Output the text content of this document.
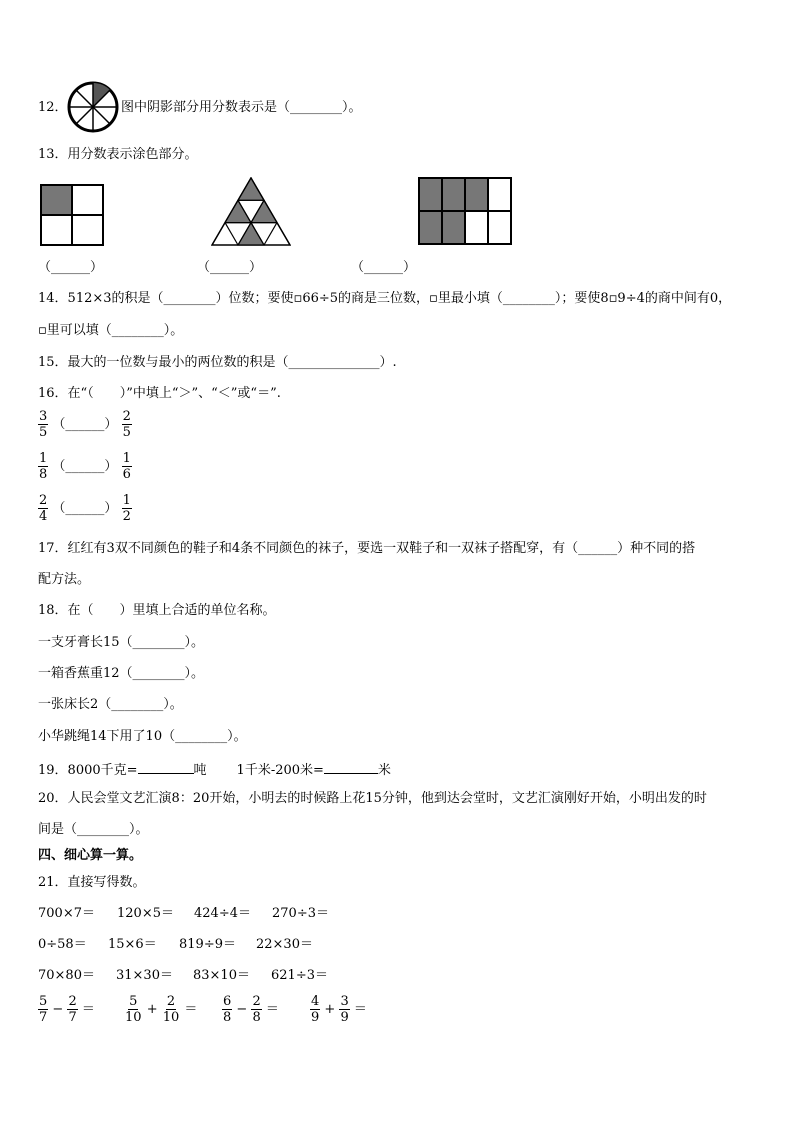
12．	图中阴影部分用分数表示是（________）。
13．用分数表示涂色部分。
（______）	（______）	（______）
14．512×3的积是（________）位数；要使▫66÷5的商是三位数，▫里最小填（________）；要使8▫9÷4的商中间有0，
▫里可以填（________）。
15．最大的一位数与最小的两位数的积是（______________）.
16．在“（　　）”中填上“＞”、“＜”或“＝”.
$\frac{3}{5}$ （______） $\frac{2}{5}$
$\frac{1}{8}$ （______） $\frac{1}{6}$
$\frac{2}{4}$ （______） $\frac{1}{2}$
17．红红有3双不同颜色的鞋子和4条不同颜色的袜子，要选一双鞋子和一双袜子搭配穿，有（______）种不同的搭
配方法。
18．在（　　）里填上合适的单位名称。
一支牙膏长15（________）。
一箱香蕉重12（________）。
一张床长2（________）。
小华跳绳14下用了10（________）。
19．8000千克=	吨 1千米-200米=	米
20．人民会堂文艺汇演8：20开始，小明去的时候路上花15分钟，他到达会堂时，文艺汇演刚好开始，小明出发的时
间是（________）。
四、细心算一算。
21．直接写得数。
700×7＝ 120×5＝ 424÷4＝ 270÷3＝
0÷58＝ 15×6＝ 819÷9＝ 22×30＝
70×80＝ 31×30＝ 83×10＝ 621÷3＝
$\frac{5}{7} - \frac{2}{7} = \frac{5}{10} + \frac{2}{10} = \frac{6}{8} - \frac{2}{8} = \frac{4}{9} + \frac{3}{9}$ ＝
